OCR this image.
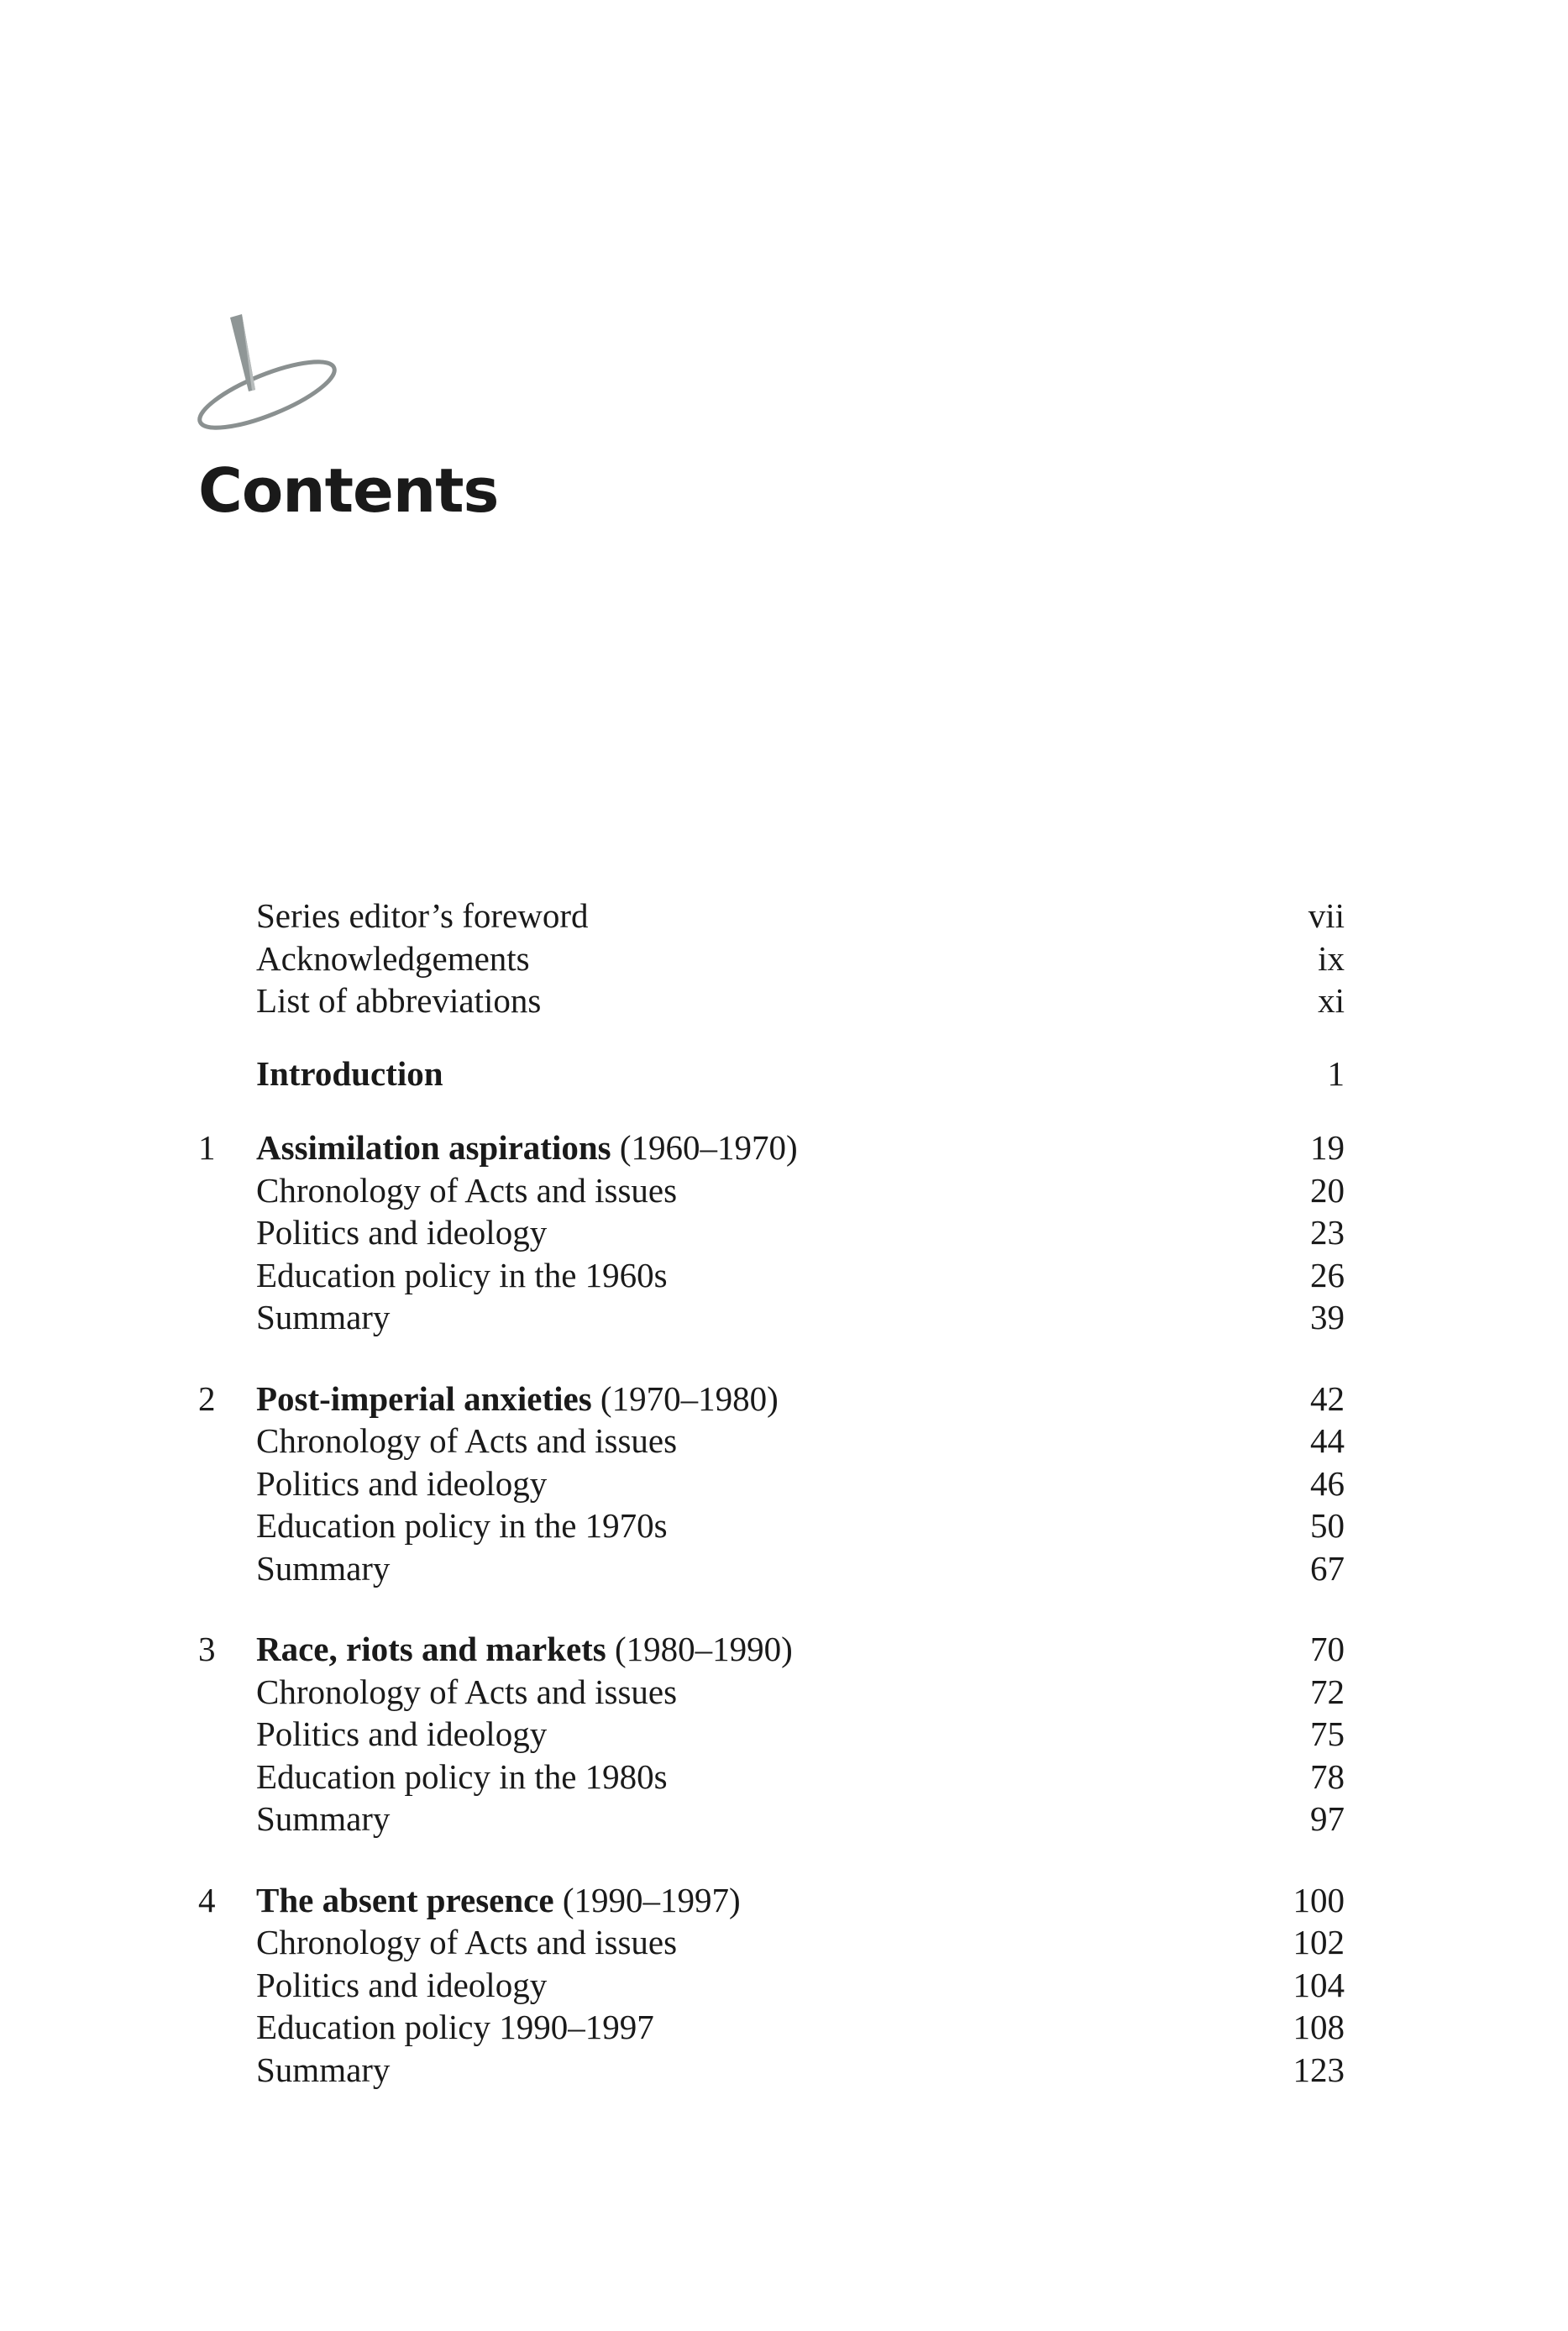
Contents
Series editor’s foreword	vii
Acknowledgements	ix
List of abbreviations	xi
Introduction	1
1	Assimilation aspirations (1960–1970)	19
Chronology of Acts and issues	20
Politics and ideology	23
Education policy in the 1960s	26
Summary	39
2	Post-imperial anxieties (1970–1980)	42
Chronology of Acts and issues	44
Politics and ideology	46
Education policy in the 1970s	50
Summary	67
3	Race, riots and markets (1980–1990)	70
Chronology of Acts and issues	72
Politics and ideology	75
Education policy in the 1980s	78
Summary	97
4	The absent presence (1990–1997)	100
Chronology of Acts and issues	102
Politics and ideology	104
Education policy 1990–1997	108
Summary	123
